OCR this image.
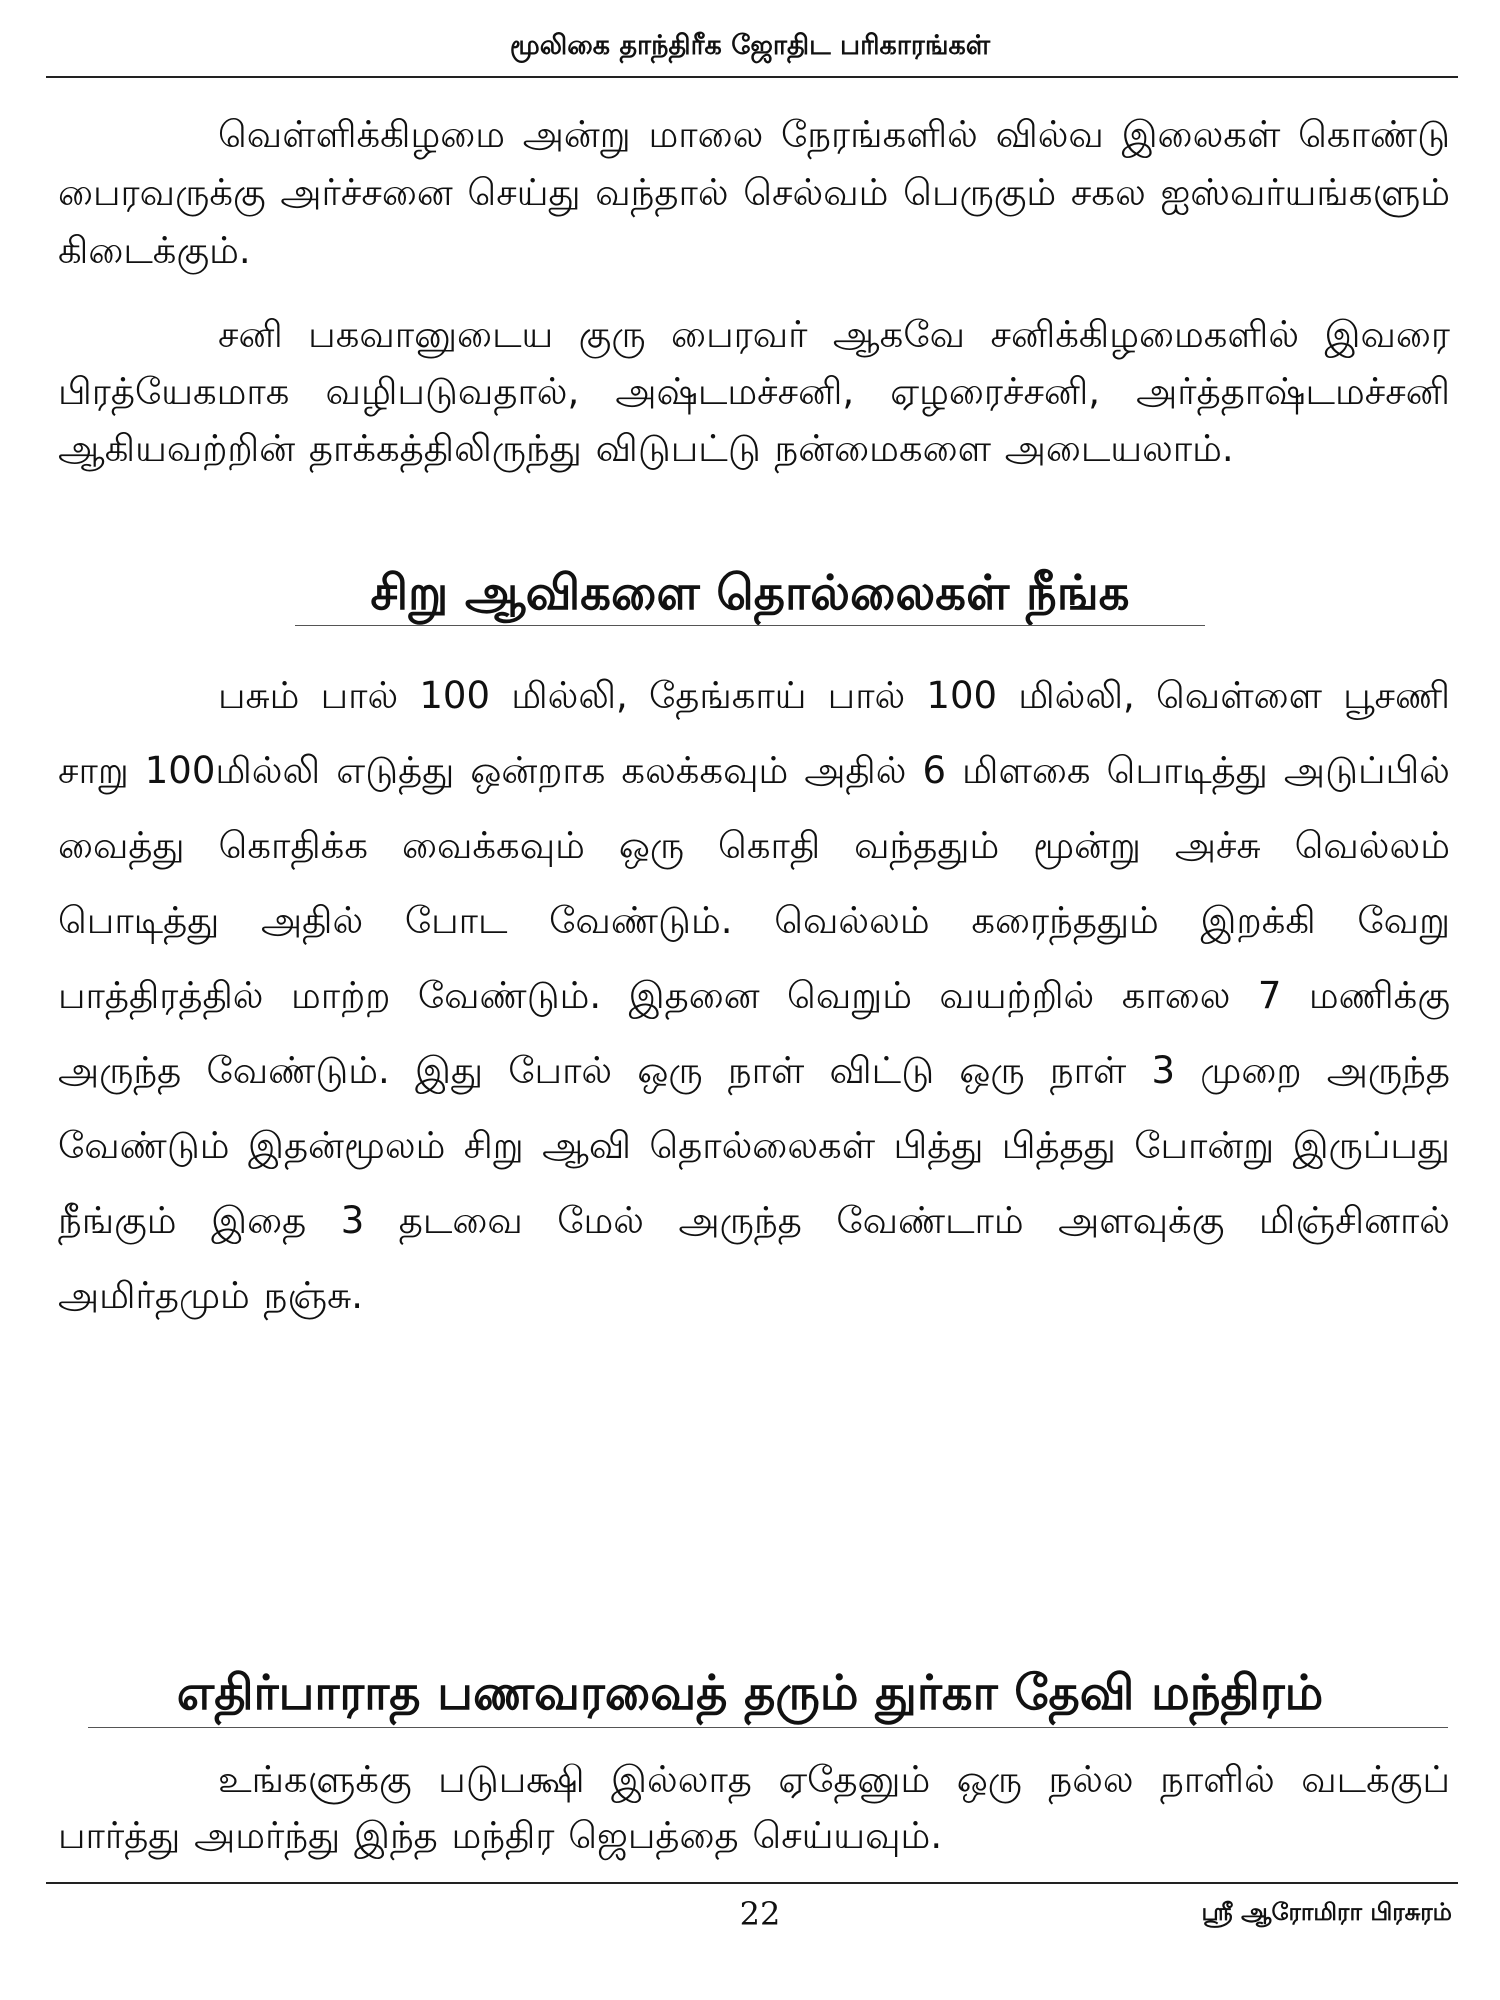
மூலிகை தாந்திரீக ஜோதிட பரிகாரங்கள்

வெள்ளிக்கிழமை அன்று மாலை நேரங்களில் வில்வ இலைகள் கொண்டு பைரவருக்கு அர்ச்சனை செய்து வந்தால் செல்வம் பெருகும் சகல ஐஸ்வர்யங்களும் கிடைக்கும்.

சனி பகவானுடைய குரு பைரவர் ஆகவே சனிக்கிழமைகளில் இவரை பிரத்யேகமாக வழிபடுவதால், அஷ்டமச்சனி, ஏழரைச்சனி, அர்த்தாஷ்டமச்சனி ஆகியவற்றின் தாக்கத்திலிருந்து விடுபட்டு நன்மைகளை அடையலாம்.

சிறு ஆவிகளை தொல்லைகள் நீங்க

பசும் பால் 100 மில்லி, தேங்காய் பால் 100 மில்லி, வெள்ளை பூசணி சாறு 100மில்லி எடுத்து ஒன்றாக கலக்கவும் அதில் 6 மிளகை பொடித்து அடுப்பில் வைத்து கொதிக்க வைக்கவும் ஒரு கொதி வந்ததும் மூன்று அச்சு வெல்லம் பொடித்து அதில் போட வேண்டும். வெல்லம் கரைந்ததும் இறக்கி வேறு பாத்திரத்தில் மாற்ற வேண்டும். இதனை வெறும் வயற்றில் காலை 7 மணிக்கு அருந்த வேண்டும். இது போல் ஒரு நாள் விட்டு ஒரு நாள் 3 முறை அருந்த வேண்டும் இதன்மூலம் சிறு ஆவி தொல்லைகள் பித்து பித்தது போன்று இருப்பது நீங்கும் இதை 3 தடவை மேல் அருந்த வேண்டாம் அளவுக்கு மிஞ்சினால் அமிர்தமும் நஞ்சு.

எதிர்பாராத பணவரவைத் தரும் துர்கா தேவி மந்திரம்

உங்களுக்கு படுபக்ஷி இல்லாத ஏதேனும் ஒரு நல்ல நாளில் வடக்குப் பார்த்து அமர்ந்து இந்த மந்திர ஜெபத்தை செய்யவும்.

22	ஸ்ரீ ஆரோமிரா பிரசுரம்
